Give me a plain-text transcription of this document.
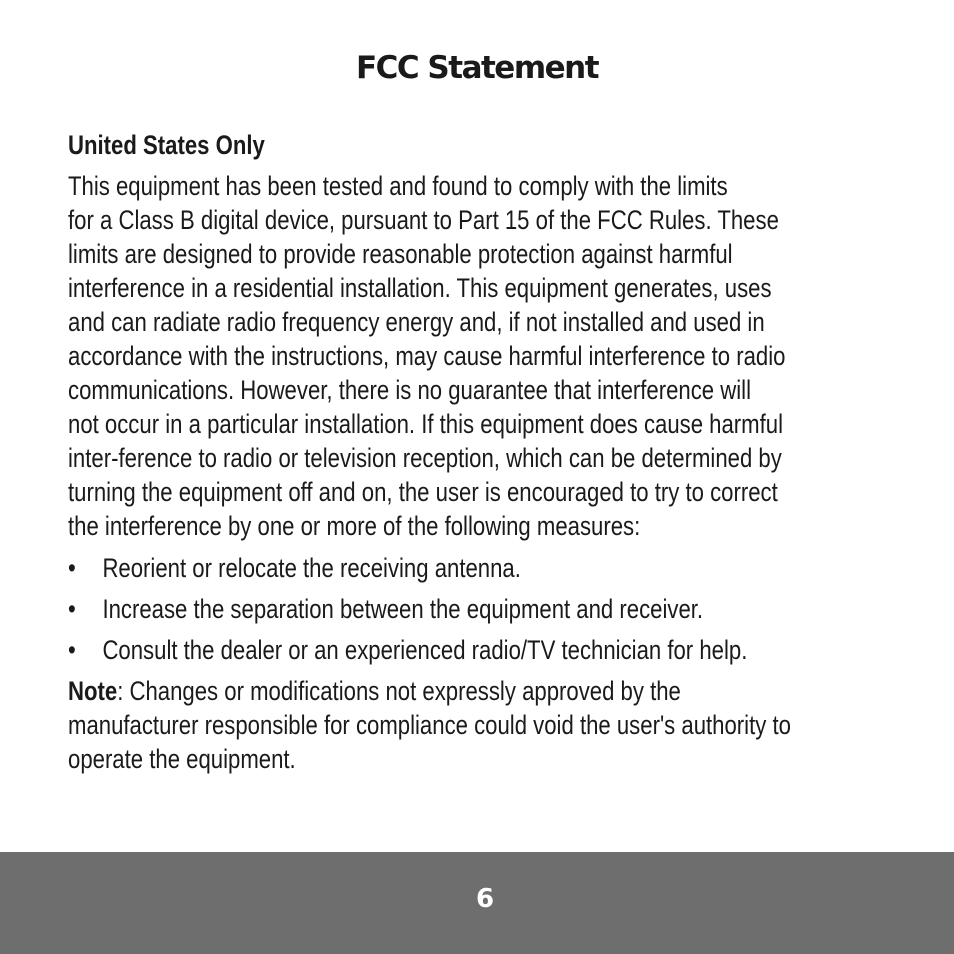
FCC Statement
United States Only

This equipment has been tested and found to comply with the limits
for a Class B digital device, pursuant to Part 15 of the FCC Rules. These
limits are designed to provide reasonable protection against harmful
interference in a residential installation. This equipment generates, uses
and can radiate radio frequency energy and, if not installed and used in
accordance with the instructions, may cause harmful interference to radio
communications. However, there is no guarantee that interference will
not occur in a particular installation. If this equipment does cause harmful
inter-ference to radio or television reception, which can be determined by
turning the equipment off and on, the user is encouraged to try to correct
the interference by one or more of the following measures:

• Reorient or relocate the receiving antenna.
• Increase the separation between the equipment and receiver.
• Consult the dealer or an experienced radio/TV technician for help.

Note: Changes or modifications not expressly approved by the
manufacturer responsible for compliance could void the user's authority to
operate the equipment.

6
